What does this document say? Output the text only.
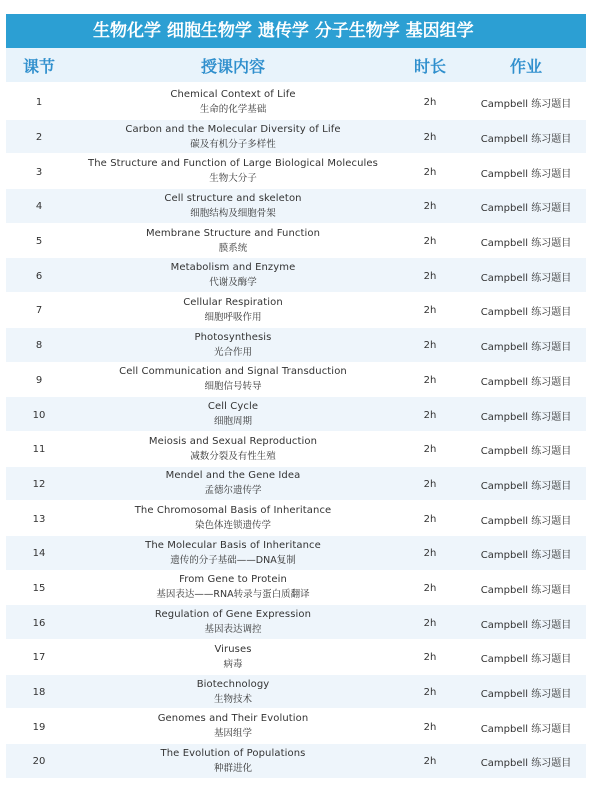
生物化学 细胞生物学 遗传学 分子生物学 基因组学
课节	授课内容	时长	作业
1
Chemical Context of Life
生命的化学基础
2h	Campbell 练习题目
2
Carbon and the Molecular Diversity of Life
碳及有机分子多样性
2h	Campbell 练习题目
3
The Structure and Function of Large Biological Molecules
生物大分子
2h	Campbell 练习题目
4
Cell structure and skeleton
细胞结构及细胞骨架
2h	Campbell 练习题目
5
Membrane Structure and Function
膜系统
2h	Campbell 练习题目
6
Metabolism and Enzyme
代谢及酶学
2h	Campbell 练习题目
7
Cellular Respiration
细胞呼吸作用
2h	Campbell 练习题目
8
Photosynthesis
光合作用
2h	Campbell 练习题目
9
Cell Communication and Signal Transduction
细胞信号转导
2h	Campbell 练习题目
10
Cell Cycle
细胞周期
2h	Campbell 练习题目
11
Meiosis and Sexual Reproduction
减数分裂及有性生殖
2h	Campbell 练习题目
12
Mendel and the Gene Idea
孟德尔遗传学
2h	Campbell 练习题目
13
The Chromosomal Basis of Inheritance
染色体连锁遗传学
2h	Campbell 练习题目
14
The Molecular Basis of Inheritance
遗传的分子基础——DNA复制
2h	Campbell 练习题目
15
From Gene to Protein
基因表达——RNA转录与蛋白质翻译
2h	Campbell 练习题目
16
Regulation of Gene Expression
基因表达调控
2h	Campbell 练习题目
17
Viruses
病毒
2h	Campbell 练习题目
18
Biotechnology
生物技术
2h	Campbell 练习题目
19
Genomes and Their Evolution
基因组学
2h	Campbell 练习题目
20
The Evolution of Populations
种群进化
2h	Campbell 练习题目
